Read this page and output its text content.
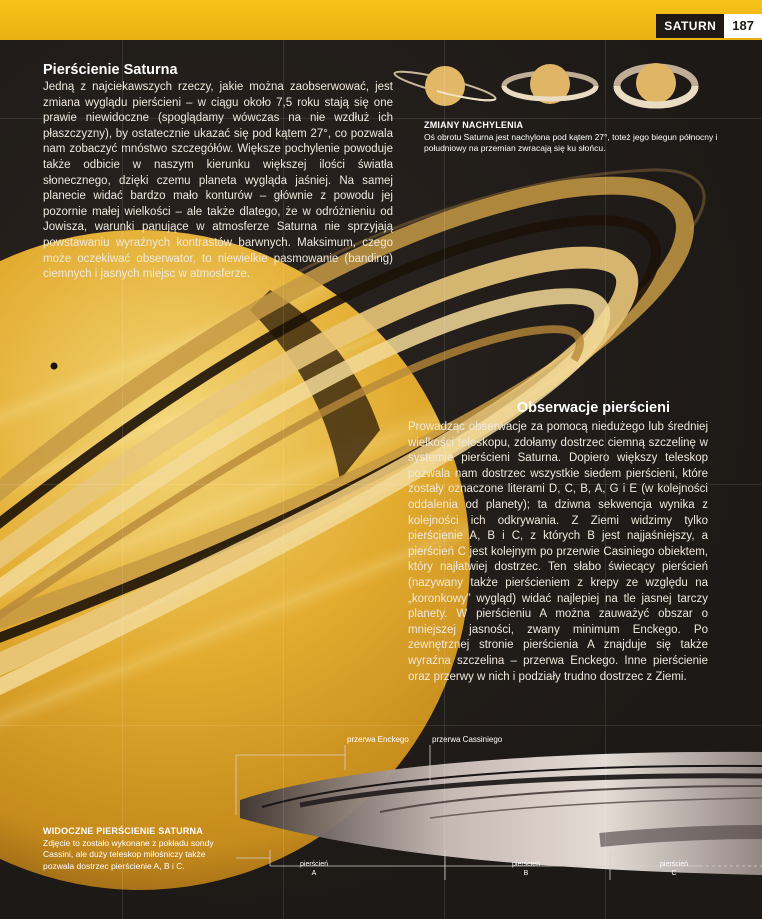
SATURN	187
Pierścienie Saturna
Jedną z najciekawszych rzeczy, jakie można zaobserwować, jest zmiana wyglądu pierścieni – w ciągu około 7,5 roku stają się one prawie niewidoczne (spoglądamy wówczas na nie wzdłuż ich płaszczyzny), by ostatecznie ukazać się pod kątem 27°, co pozwala nam zobaczyć mnóstwo szczegółów. Większe pochylenie powoduje także odbicie w naszym kierunku większej ilości światła słonecznego, dzięki czemu planeta wygląda jaśniej. Na samej planecie widać bardzo mało konturów – głównie z powodu jej pozornie małej wielkości – ale także dlatego, że w odróżnieniu od Jowisza, warunki panujące w atmosferze Saturna nie sprzyjają powstawaniu wyraźnych kontrastów barwnych. Maksimum, czego może oczekiwać obserwator, to niewielkie pasmowanie (banding) ciemnych i jasnych miejsc w atmosferze.
ZMIANY NACHYLENIA
Oś obrotu Saturna jest nachylona pod kątem 27°, toteż jego biegun północny i południowy na przemian zwracają się ku słońcu.
Obserwacje pierścieni
Prowadząc obserwacje za pomocą niedużego lub średniej wielkości teleskopu, zdołamy dostrzec ciemną szczelinę w systemie pierścieni Saturna. Dopiero większy teleskop pozwala nam dostrzec wszystkie siedem pierścieni, które zostały oznaczone literami D, C, B, A, G i E (w kolejności oddalenia od planety); ta dziwna sekwencja wynika z kolejności ich odkrywania. Z Ziemi widzimy tylko pierścienie A, B i C, z których B jest najjaśniejszy, a pierścień C jest kolejnym po przerwie Casiniego obiektem, który najłatwiej dostrzec. Ten słabo świecący pierścień (nazywany także pierścieniem z krepy ze względu na „koronkowy” wygląd) widać najlepiej na tle jasnej tarczy planety. W pierścieniu A można zauważyć obszar o mniejszej jasności, zwany minimum Enckego. Po zewnętrznej stronie pierścienia A znajduje się także wyraźna szczelina – przerwa Enckego. Inne pierścienie oraz przerwy w nich i podziały trudno dostrzec z Ziemi.
przerwa Enckego	przerwa Cassiniego
pierścień
A
pierścień
B
pierścień
C
WIDOCZNE PIERŚCIENIE SATURNA
Zdjęcie to zostało wykonane z pokładu sondy Cassini, ale duży teleskop miłośniczy także pozwala dostrzec pierścienie A, B i C.
